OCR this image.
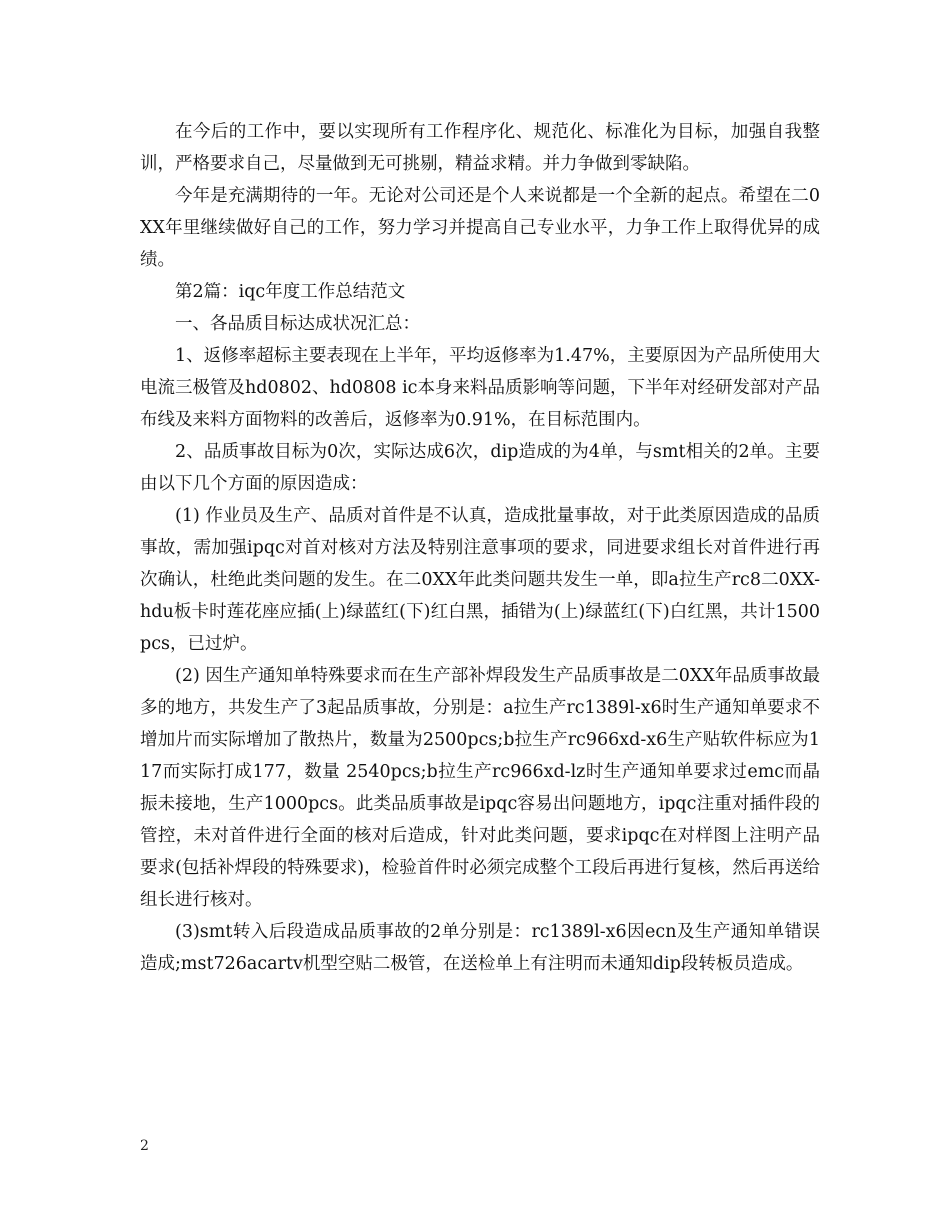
在今后的工作中，要以实现所有工作程序化、规范化、标准化为目标，加强自我整训，严格要求自己，尽量做到无可挑剔，精益求精。并力争做到零缺陷。

今年是充满期待的一年。无论对公司还是个人来说都是一个全新的起点。希望在二0XX年里继续做好自己的工作，努力学习并提高自己专业水平，力争工作上取得优异的成绩。

第2篇：iqc年度工作总结范文

一、各品质目标达成状况汇总：

1、返修率超标主要表现在上半年，平均返修率为1.47%，主要原因为产品所使用大电流三极管及hd0802、hd0808 ic本身来料品质影响等问题，下半年对经研发部对产品布线及来料方面物料的改善后，返修率为0.91%，在目标范围内。

2、品质事故目标为0次，实际达成6次，dip造成的为4单，与smt相关的2单。主要由以下几个方面的原因造成：

(1) 作业员及生产、品质对首件是不认真，造成批量事故，对于此类原因造成的品质事故，需加强ipqc对首对核对方法及特别注意事项的要求，同进要求组长对首件进行再次确认，杜绝此类问题的发生。在二0XX年此类问题共发生一单，即a拉生产rc8二0XX-hdu板卡时莲花座应插(上)绿蓝红(下)红白黑，插错为(上)绿蓝红(下)白红黑，共计1500pcs，已过炉。

(2) 因生产通知单特殊要求而在生产部补焊段发生产品质事故是二0XX年品质事故最多的地方，共发生产了3起品质事故，分别是：a拉生产rc1389l-x6时生产通知单要求不增加片而实际增加了散热片，数量为2500pcs;b拉生产rc966xd-x6生产贴软件标应为117而实际打成177，数量 2540pcs;b拉生产rc966xd-lz时生产通知单要求过emc而晶振未接地，生产1000pcs。此类品质事故是ipqc容易出问题地方，ipqc注重对插件段的管控，未对首件进行全面的核对后造成，针对此类问题，要求ipqc在对样图上注明产品要求(包括补焊段的特殊要求)，检验首件时必须完成整个工段后再进行复核，然后再送给组长进行核对。

(3)smt转入后段造成品质事故的2单分别是：rc1389l-x6因ecn及生产通知单错误造成;mst726acartv机型空贴二极管，在送检单上有注明而未通知dip段转板员造成。

2
